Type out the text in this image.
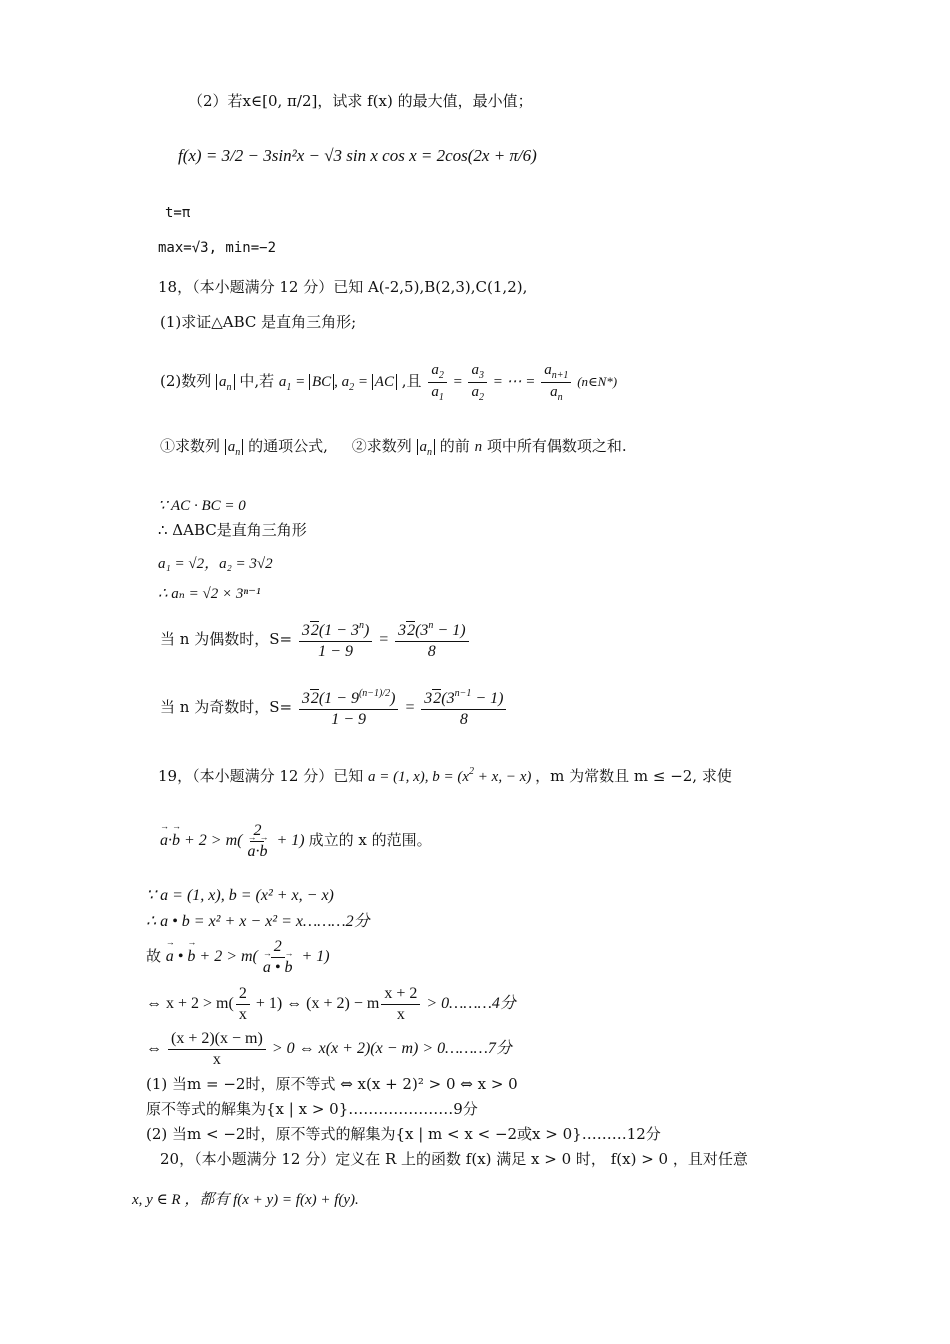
（2）若x∈[0, π/2]，试求 f(x) 的最大值，最小值；
f(x) = 3/2 − 3sin²x − √3 sin x cos x = 2cos(2x + π/6)
t=π
max=√3, min=−2
18，（本小题满分 12 分）已知 A(-2,5),B(2,3),C(1,2),
(1)求证△ABC 是直角三角形;
(2)数列 $a_n$ 中,若 $a_1$ = BC , $a_2$ = AC ,且 $\frac{a_2}{a_1} = \frac{a_3}{a_2}$ = ⋯ = $\frac{a_{n+1}}{a_n}$ (n∈N*)
①求数列 $a_n$ 的通项公式, ②求数列 $a_n$ 的前 n 项中所有偶数项之和.
∵ AC · BC = 0
∴ ΔABC是直角三角形
a₁ = √2，a₂ = 3√2
∴ aₙ = √2 × 3ⁿ⁻¹
当 n 为偶数时，$S= \frac{32(1 - 3^n)}{1 - 9} = \frac{32(3^n - 1)}{8}$
当 n 为奇数时，$S= \frac{32(1 - 9^{(n-1)/2})}{1 - 9} = \frac{32(3^{n-1} - 1)}{8}$
19，（本小题满分 12 分）已知 a = (1, x), $b = (x^2 + x$, − x) ，m 为常数且 m ≤ −2, 求使
→ a·→ b + 2 > m( 2
→ a·→ b + 1) 成立的 x 的范围。
∵ a = (1, x), b = (x² + x, − x)
∴ a • b = x² + x − x² = x………2分
故 → a • → b + 2 > m( 2
→ a • → b + 1)
⇔ $x + 2 > m( \frac{2}{x} + 1)$ ⇔ (x + 2) − m $\frac{x + 2}{x}$ > 0………4分
⇔ $\frac{(x + 2)(x - m)}{x} > 0$ ⇔ x(x + 2)(x − m) > 0………7分
(1) 当m = −2时，原不等式 ⇔ x(x + 2)² > 0 ⇔ x > 0
原不等式的解集为{x | x > 0}…………………9分
(2) 当m < −2时，原不等式的解集为{x | m < x < −2或x > 0}………12分
20，（本小题满分 12 分）定义在 R 上的函数 f(x) 满足 x > 0 时， f(x) > 0 ，且对任意
x, y ∈ R ，都有 f(x + y) = f(x) + f(y).
